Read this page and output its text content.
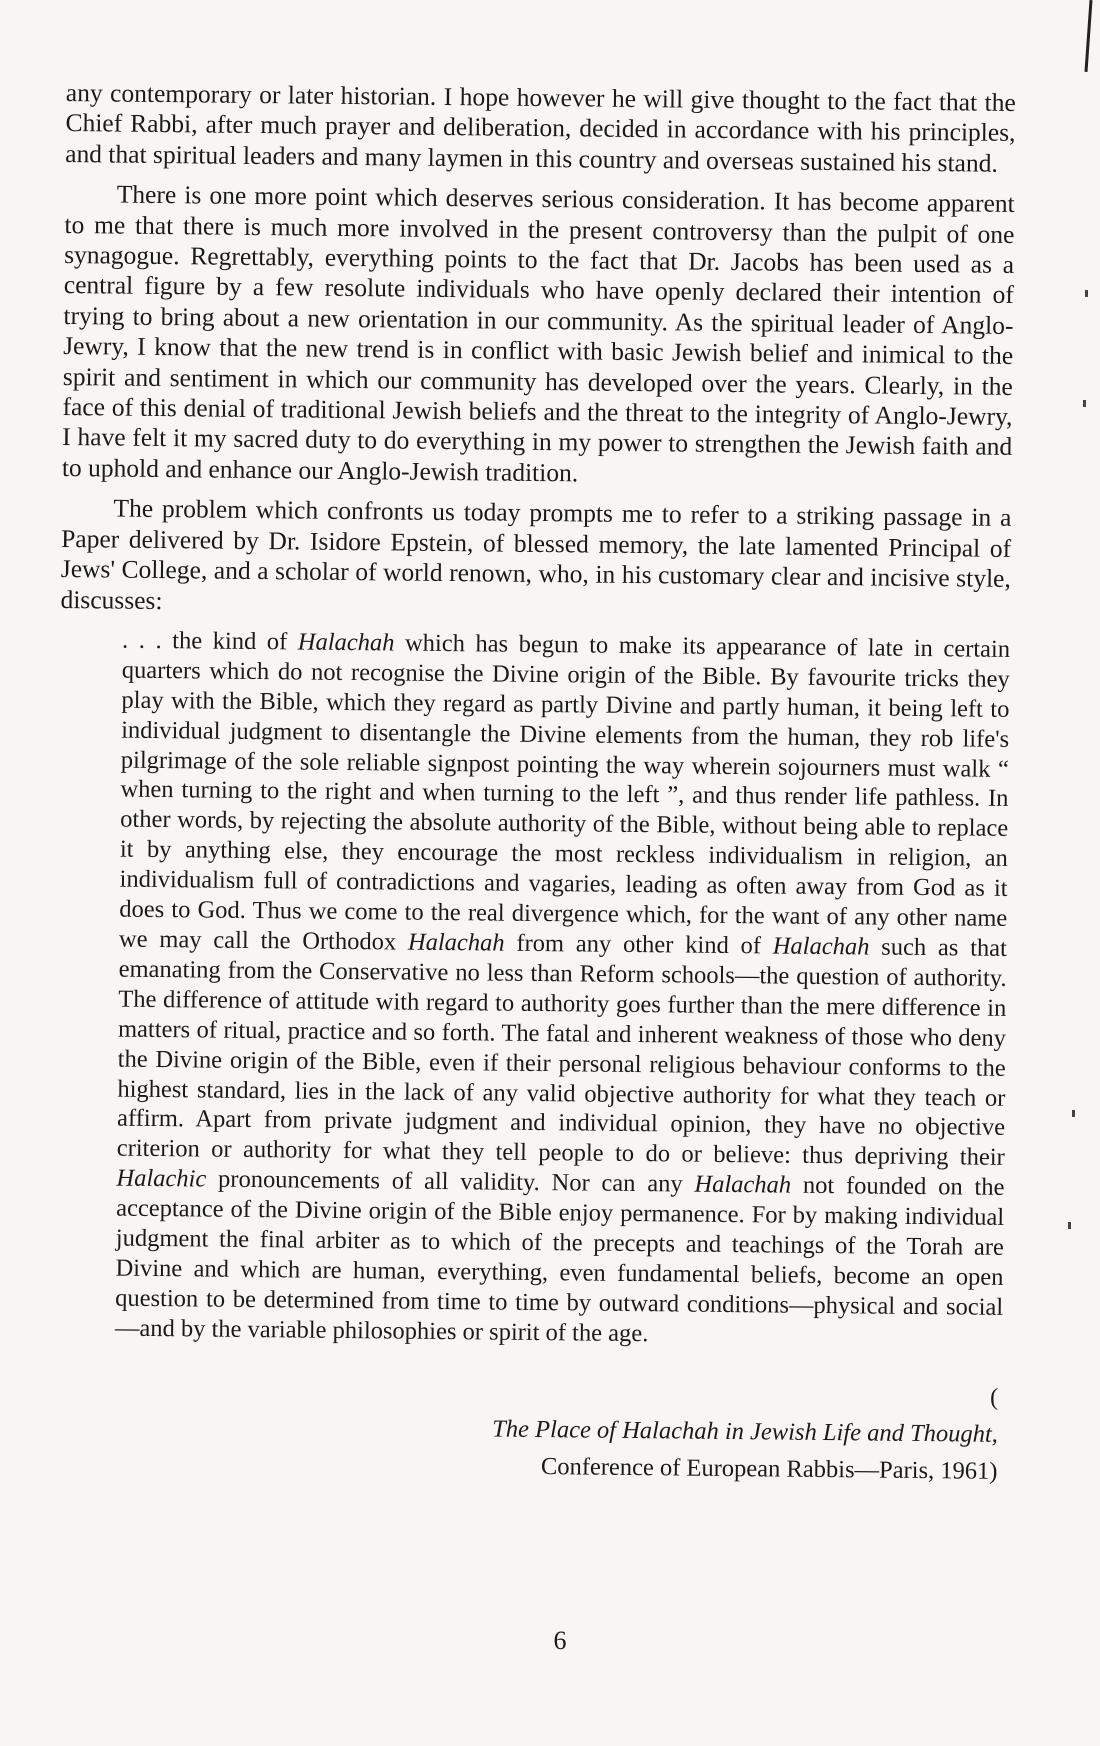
any contemporary or later historian. I hope however he will give thought to the fact that the Chief Rabbi, after much prayer and deliberation, decided in accordance with his principles, and that spiritual leaders and many laymen in this country and overseas sustained his stand.

There is one more point which deserves serious consideration. It has become apparent to me that there is much more involved in the present controversy than the pulpit of one synagogue. Regrettably, everything points to the fact that Dr. Jacobs has been used as a central figure by a few resolute individuals who have openly declared their intention of trying to bring about a new orientation in our community. As the spiritual leader of Anglo-Jewry, I know that the new trend is in conflict with basic Jewish belief and inimical to the spirit and sentiment in which our community has developed over the years. Clearly, in the face of this denial of traditional Jewish beliefs and the threat to the integrity of Anglo-Jewry, I have felt it my sacred duty to do everything in my power to strengthen the Jewish faith and to uphold and enhance our Anglo-Jewish tradition.

The problem which confronts us today prompts me to refer to a striking passage in a Paper delivered by Dr. Isidore Epstein, of blessed memory, the late lamented Principal of Jews' College, and a scholar of world renown, who, in his customary clear and incisive style, discusses:

. . . the kind of Halachah which has begun to make its appearance of late in certain quarters which do not recognise the Divine origin of the Bible. By favourite tricks they play with the Bible, which they regard as partly Divine and partly human, it being left to individual judgment to disentangle the Divine elements from the human, they rob life's pilgrimage of the sole reliable signpost pointing the way wherein sojourners must walk “ when turning to the right and when turning to the left ”, and thus render life pathless. In other words, by rejecting the absolute authority of the Bible, without being able to replace it by anything else, they encourage the most reckless individualism in religion, an individualism full of contradictions and vagaries, leading as often away from God as it does to God. Thus we come to the real divergence which, for the want of any other name we may call the Orthodox Halachah from any other kind of Halachah such as that emanating from the Conservative no less than Reform schools—the question of authority. The difference of attitude with regard to authority goes further than the mere difference in matters of ritual, practice and so forth. The fatal and inherent weakness of those who deny the Divine origin of the Bible, even if their personal religious behaviour conforms to the highest standard, lies in the lack of any valid objective authority for what they teach or affirm. Apart from private judgment and individual opinion, they have no objective criterion or authority for what they tell people to do or believe: thus depriving their Halachic pronouncements of all validity. Nor can any Halachah not founded on the acceptance of the Divine origin of the Bible enjoy permanence. For by making individual judgment the final arbiter as to which of the precepts and teachings of the Torah are Divine and which are human, everything, even fundamental beliefs, become an open question to be determined from time to time by outward conditions—physical and social—and by the variable philosophies or spirit of the age.

(
The Place of Halachah in Jewish Life and Thought,
Conference of European Rabbis—Paris, 1961)
6
